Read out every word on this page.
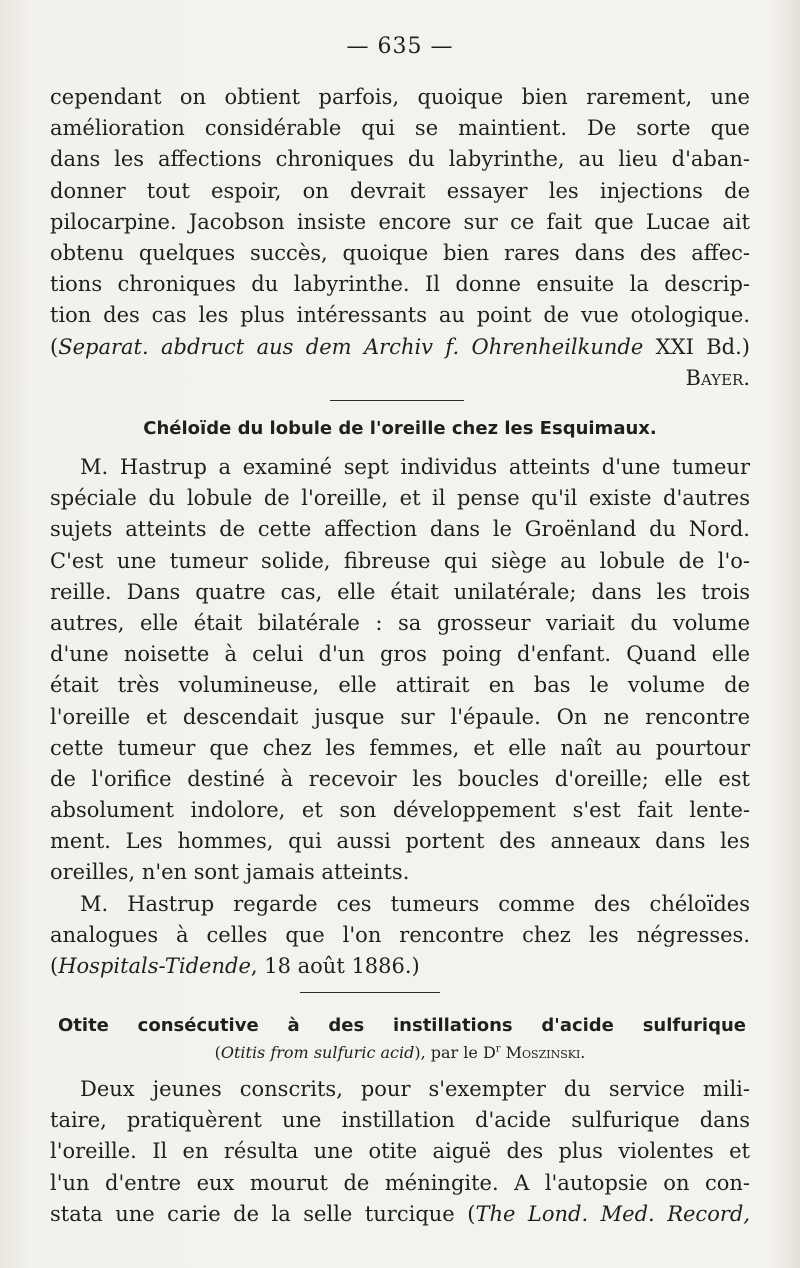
— 635 —
cependant on obtient parfois, quoique bien rarement, une
amélioration considérable qui se maintient. De sorte que
dans les affections chroniques du labyrinthe, au lieu d'aban-
donner tout espoir, on devrait essayer les injections de
pilocarpine. Jacobson insiste encore sur ce fait que Lucae ait
obtenu quelques succès, quoique bien rares dans des affec-
tions chroniques du labyrinthe. Il donne ensuite la descrip-
tion des cas les plus intéressants au point de vue otologique.
(Separat. abdruct aus dem Archiv f. Ohrenheilkunde XXI Bd.)
Bayer.
Chéloïde du lobule de l'oreille chez les Esquimaux.
M. Hastrup a examiné sept individus atteints d'une tumeur
spéciale du lobule de l'oreille, et il pense qu'il existe d'autres
sujets atteints de cette affection dans le Groënland du Nord.
C'est une tumeur solide, fibreuse qui siège au lobule de l'o-
reille. Dans quatre cas, elle était unilatérale; dans les trois
autres, elle était bilatérale : sa grosseur variait du volume
d'une noisette à celui d'un gros poing d'enfant. Quand elle
était très volumineuse, elle attirait en bas le volume de
l'oreille et descendait jusque sur l'épaule. On ne rencontre
cette tumeur que chez les femmes, et elle naît au pourtour
de l'orifice destiné à recevoir les boucles d'oreille; elle est
absolument indolore, et son développement s'est fait lente-
ment. Les hommes, qui aussi portent des anneaux dans les
oreilles, n'en sont jamais atteints.
M. Hastrup regarde ces tumeurs comme des chéloïdes
analogues à celles que l'on rencontre chez les négresses.
(Hospitals-Tidende, 18 août 1886.)
Otite consécutive à des instillations d'acide sulfurique
(Otitis from sulfuric acid), par le $D^r$ Moszinski.
Deux jeunes conscrits, pour s'exempter du service mili-
taire, pratiquèrent une instillation d'acide sulfurique dans
l'oreille. Il en résulta une otite aiguë des plus violentes et
l'un d'entre eux mourut de méningite. A l'autopsie on con-
stata une carie de la selle turcique (The Lond. Med. Record,
